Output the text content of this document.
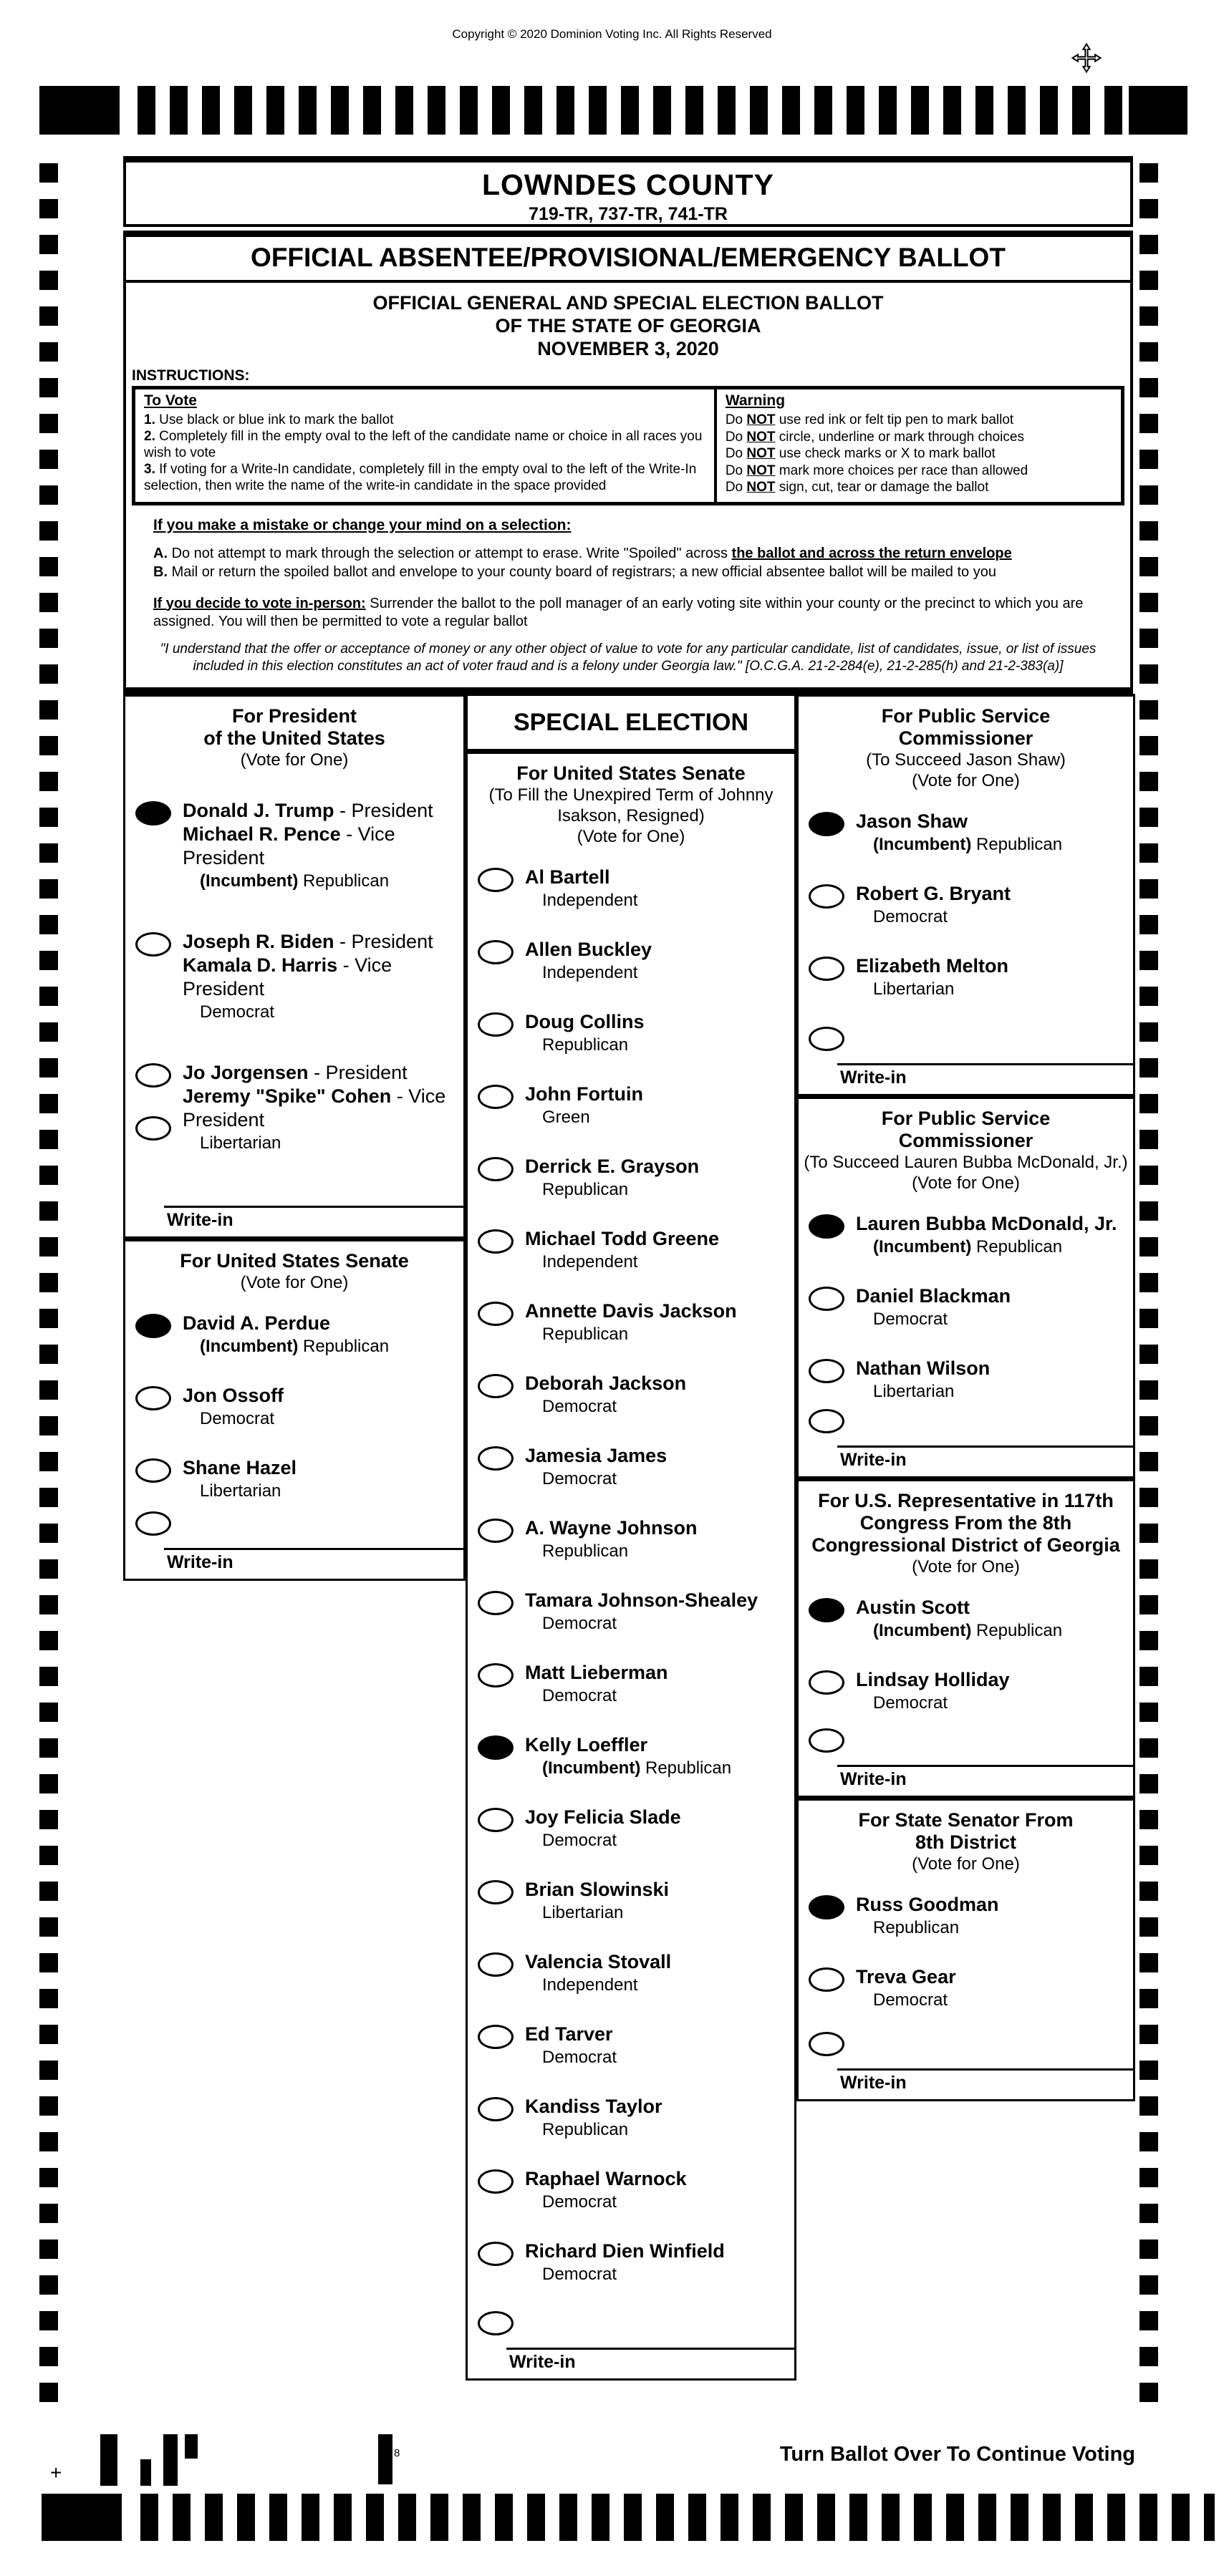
Copyright © 2020 Dominion Voting Inc. All Rights Reserved
LOWNDES COUNTY
719-TR, 737-TR, 741-TR
OFFICIAL ABSENTEE/PROVISIONAL/EMERGENCY BALLOT
OFFICIAL GENERAL AND SPECIAL ELECTION BALLOT
OF THE STATE OF GEORGIA
NOVEMBER 3, 2020
INSTRUCTIONS:
To Vote
1. Use black or blue ink to mark the ballot
2. Completely fill in the empty oval to the left of the candidate name or choice in all races you wish to vote
3. If voting for a Write-In candidate, completely fill in the empty oval to the left of the Write-In selection, then write the name of the write-in candidate in the space provided
Warning
Do NOT use red ink or felt tip pen to mark ballot
Do NOT circle, underline or mark through choices
Do NOT use check marks or X to mark ballot
Do NOT mark more choices per race than allowed
Do NOT sign, cut, tear or damage the ballot
If you make a mistake or change your mind on a selection:
A. Do not attempt to mark through the selection or attempt to erase. Write "Spoiled" across the ballot and across the return envelope
B. Mail or return the spoiled ballot and envelope to your county board of registrars; a new official absentee ballot will be mailed to you
If you decide to vote in-person: Surrender the ballot to the poll manager of an early voting site within your county or the precinct to which you are assigned. You will then be permitted to vote a regular ballot
"I understand that the offer or acceptance of money or any other object of value to vote for any particular candidate, list of candidates, issue, or list of issues included in this election constitutes an act of voter fraud and is a felony under Georgia law." [O.C.G.A. 21-2-284(e), 21-2-285(h) and 21-2-383(a)]
For President
of the United States
(Vote for One)
Donald J. Trump - President
Michael R. Pence - Vice President
(Incumbent) Republican
Joseph R. Biden - President
Kamala D. Harris - Vice President
Democrat
Jo Jorgensen - President
Jeremy "Spike" Cohen - Vice President
Libertarian
Write-in
For United States Senate
(Vote for One)
David A. Perdue
(Incumbent) Republican
Jon Ossoff
Democrat
Shane Hazel
Libertarian
Write-in
SPECIAL ELECTION
For United States Senate
(To Fill the Unexpired Term of Johnny
Isakson, Resigned)
(Vote for One)
Al Bartell
Independent
Allen Buckley
Independent
Doug Collins
Republican
John Fortuin
Green
Derrick E. Grayson
Republican
Michael Todd Greene
Independent
Annette Davis Jackson
Republican
Deborah Jackson
Democrat
Jamesia James
Democrat
A. Wayne Johnson
Republican
Tamara Johnson-Shealey
Democrat
Matt Lieberman
Democrat
Kelly Loeffler
(Incumbent) Republican
Joy Felicia Slade
Democrat
Brian Slowinski
Libertarian
Valencia Stovall
Independent
Ed Tarver
Democrat
Kandiss Taylor
Republican
Raphael Warnock
Democrat
Richard Dien Winfield
Democrat
Write-in
For Public Service
Commissioner
(To Succeed Jason Shaw)
(Vote for One)
Jason Shaw
(Incumbent) Republican
Robert G. Bryant
Democrat
Elizabeth Melton
Libertarian
Write-in
For Public Service
Commissioner
(To Succeed Lauren Bubba McDonald, Jr.)
(Vote for One)
Lauren Bubba McDonald, Jr.
(Incumbent) Republican
Daniel Blackman
Democrat
Nathan Wilson
Libertarian
Write-in
For U.S. Representative in 117th
Congress From the 8th
Congressional District of Georgia
(Vote for One)
Austin Scott
(Incumbent) Republican
Lindsay Holliday
Democrat
Write-in
For State Senator From
8th District
(Vote for One)
Russ Goodman
Republican
Treva Gear
Democrat
Write-in
+
8	Turn Ballot Over To Continue Voting
